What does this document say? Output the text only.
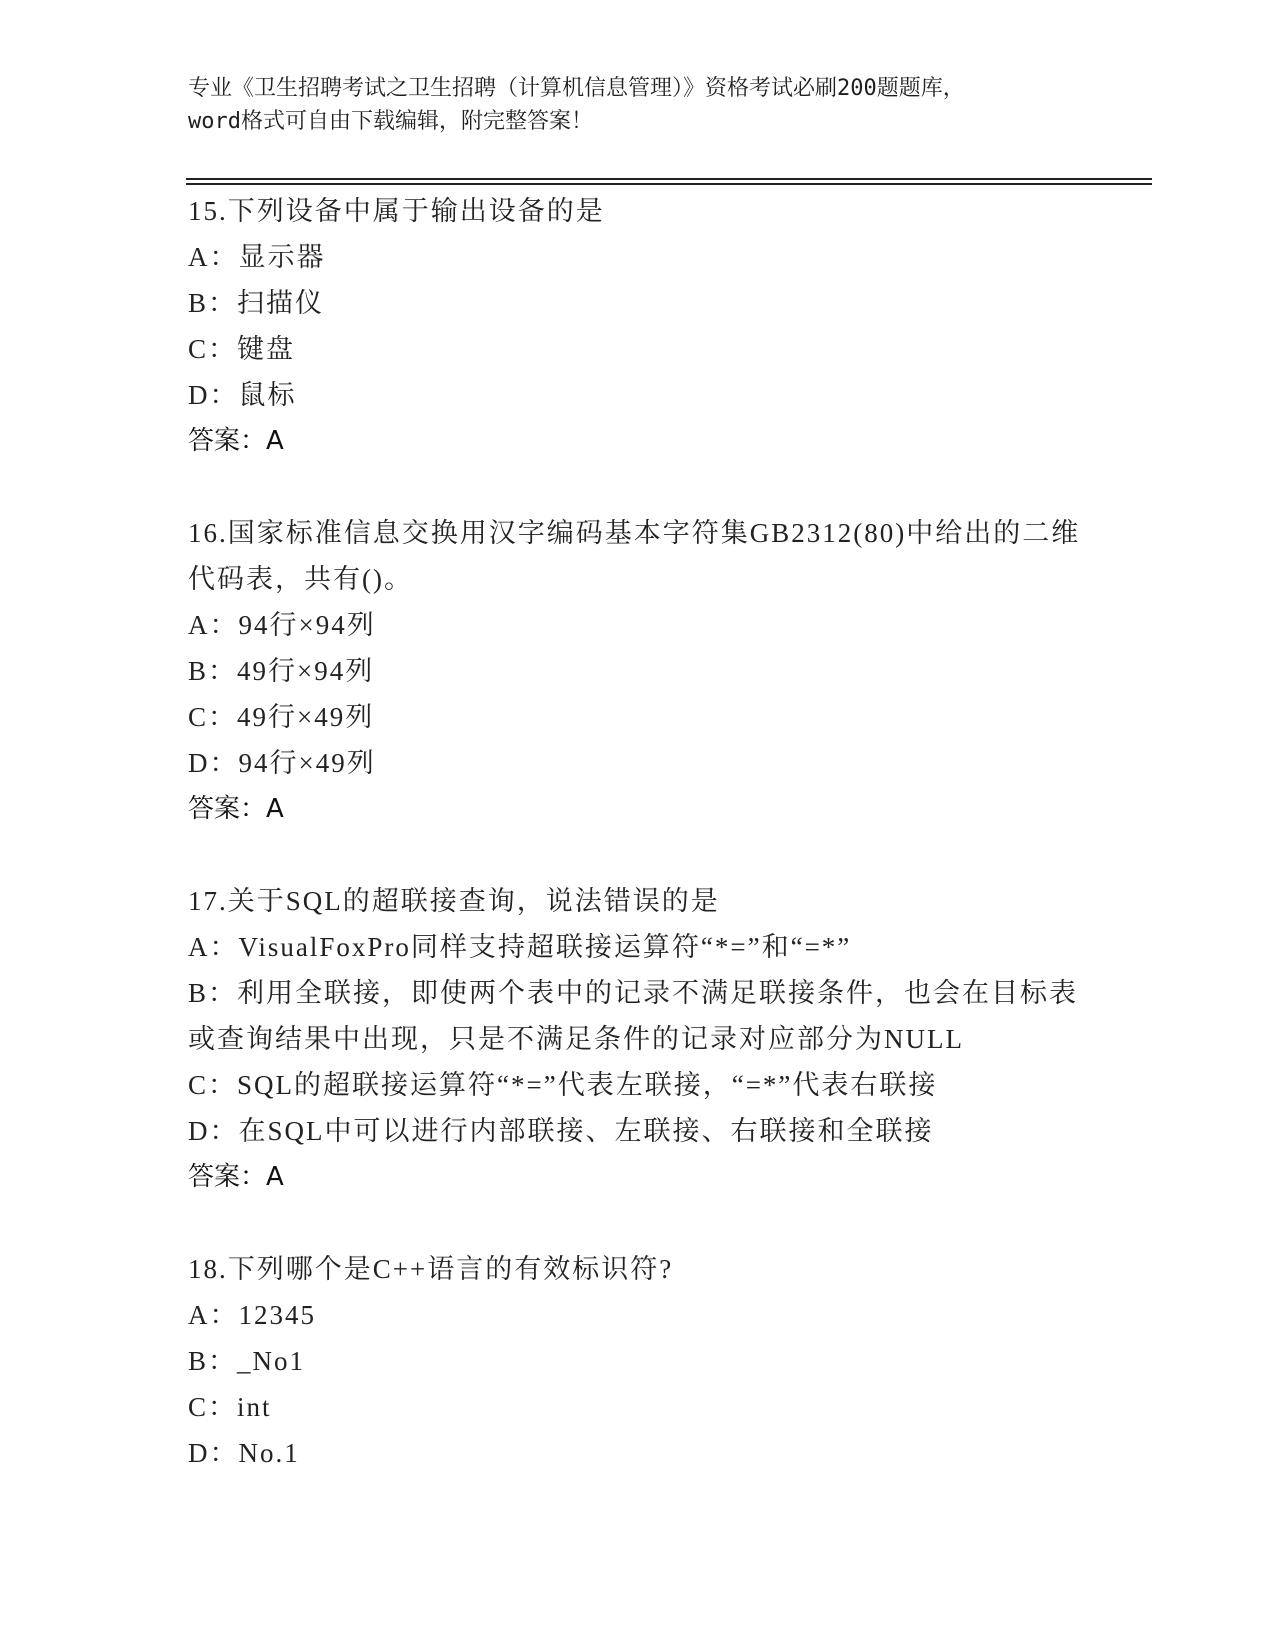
专业《卫生招聘考试之卫生招聘（计算机信息管理）》资格考试必刷200题题库，
word格式可自由下载编辑，附完整答案！
15.下列设备中属于输出设备的是
A：显示器
B：扫描仪
C：键盘
D：鼠标
答案：A
16.国家标准信息交换用汉字编码基本字符集GB2312(80)中给出的二维
代码表，共有()。
A：94行×94列
B：49行×94列
C：49行×49列
D：94行×49列
答案：A
17.关于SQL的超联接查询，说法错误的是
A：VisualFoxPro同样支持超联接运算符“*=”和“=*”
B：利用全联接，即使两个表中的记录不满足联接条件，也会在目标表
或查询结果中出现，只是不满足条件的记录对应部分为NULL
C：SQL的超联接运算符“*=”代表左联接，“=*”代表右联接
D：在SQL中可以进行内部联接、左联接、右联接和全联接
答案：A
18.下列哪个是C++语言的有效标识符?
A：12345
B：_No1
C：int
D：No.1
